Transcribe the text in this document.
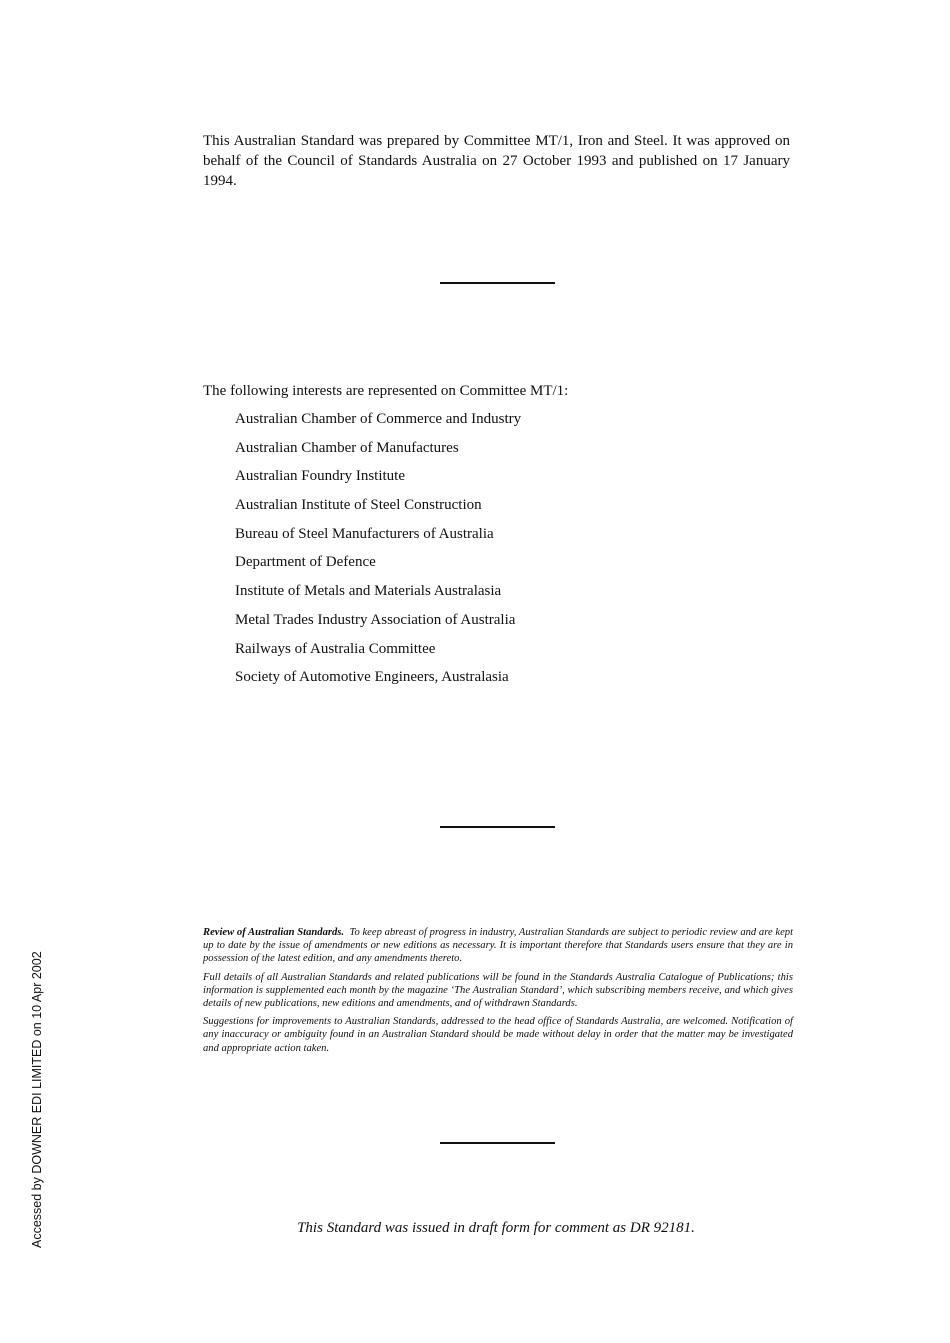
This Australian Standard was prepared by Committee MT/1, Iron and Steel. It was approved on behalf of the Council of Standards Australia on 27 October 1993 and published on 17 January 1994.

The following interests are represented on Committee MT/1:

Australian Chamber of Commerce and Industry
Australian Chamber of Manufactures
Australian Foundry Institute
Australian Institute of Steel Construction
Bureau of Steel Manufacturers of Australia
Department of Defence
Institute of Metals and Materials Australasia
Metal Trades Industry Association of Australia
Railways of Australia Committee
Society of Automotive Engineers, Australasia

Review of Australian Standards. To keep abreast of progress in industry, Australian Standards are subject to periodic review and are kept up to date by the issue of amendments or new editions as necessary. It is important therefore that Standards users ensure that they are in possession of the latest edition, and any amendments thereto.

Full details of all Australian Standards and related publications will be found in the Standards Australia Catalogue of Publications; this information is supplemented each month by the magazine ‘The Australian Standard’, which subscribing members receive, and which gives details of new publications, new editions and amendments, and of withdrawn Standards.

Suggestions for improvements to Australian Standards, addressed to the head office of Standards Australia, are welcomed. Notification of any inaccuracy or ambiguity found in an Australian Standard should be made without delay in order that the matter may be investigated and appropriate action taken.

This Standard was issued in draft form for comment as DR 92181.

Accessed by DOWNER EDI LIMITED on 10 Apr 2002
